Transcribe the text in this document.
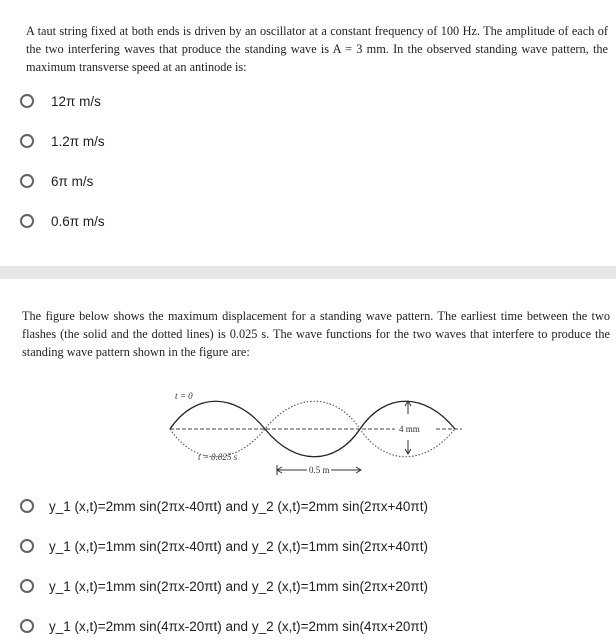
A taut string fixed at both ends is driven by an oscillator at a constant frequency of 100 Hz. The amplitude of each of the two interfering waves that produce the standing wave is A = 3 mm. In the observed standing wave pattern, the maximum transverse speed at an antinode is:

12π m/s
1.2π m/s
6π m/s
0.6π m/s

The figure below shows the maximum displacement for a standing wave pattern. The earliest time between the two flashes (the solid and the dotted lines) is 0.025 s. The wave functions for the two waves that interfere to produce the standing wave pattern shown in the figure are:

t = 0
4 mm
t = 0.025 s
0.5 m
y_1 (x,t)=2mm sin(2πx-40πt) and y_2 (x,t)=2mm sin(2πx+40πt)
y_1 (x,t)=1mm sin(2πx-40πt) and y_2 (x,t)=1mm sin(2πx+40πt)
y_1 (x,t)=1mm sin(2πx-20πt) and y_2 (x,t)=1mm sin(2πx+20πt)
y_1 (x,t)=2mm sin(4πx-20πt) and y_2 (x,t)=2mm sin(4πx+20πt)
